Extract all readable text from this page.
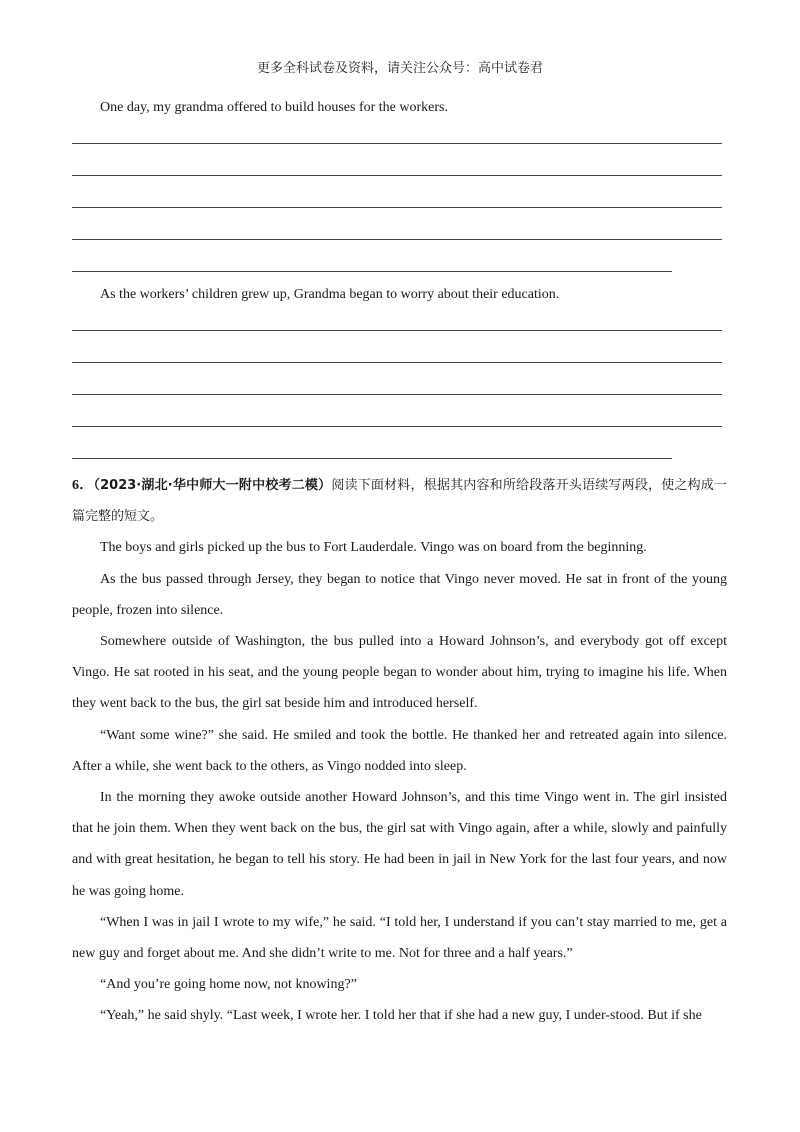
更多全科试卷及资料，请关注公众号：高中试卷君
One day, my grandma offered to build houses for the workers.
As the workers’ children grew up, Grandma began to worry about their education.

6．（2023·湖北·华中师大一附中校考二模）阅读下面材料，根据其内容和所给段落开头语续写两段，使之构成一篇完整的短文。

The boys and girls picked up the bus to Fort Lauderdale. Vingo was on board from the beginning.

As the bus passed through Jersey, they began to notice that Vingo never moved. He sat in front of the young people, frozen into silence.

Somewhere outside of Washington, the bus pulled into a Howard Johnson’s, and everybody got off except Vingo. He sat rooted in his seat, and the young people began to wonder about him, trying to imagine his life. When they went back to the bus, the girl sat beside him and introduced herself.

“Want some wine?” she said. He smiled and took the bottle. He thanked her and retreated again into silence. After a while, she went back to the others, as Vingo nodded into sleep.

In the morning they awoke outside another Howard Johnson’s, and this time Vingo went in. The girl insisted that he join them. When they went back on the bus, the girl sat with Vingo again, after a while, slowly and painfully and with great hesitation, he began to tell his story. He had been in jail in New York for the last four years, and now he was going home.

“When I was in jail I wrote to my wife,” he said. “I told her, I understand if you can’t stay married to me, get a new guy and forget about me. And she didn’t write to me. Not for three and a half years.”

“And you’re going home now, not knowing?”

“Yeah,” he said shyly. “Last week, I wrote her. I told her that if she had a new guy, I under-stood. But if she
